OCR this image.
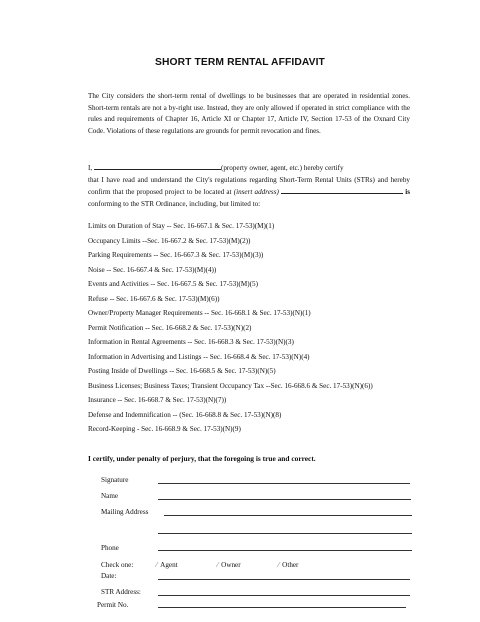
SHORT TERM RENTAL AFFIDAVIT
The City considers the short-term rental of dwellings to be businesses that are operated in residential zones. Short-term rentals are not a by-right use. Instead, they are only allowed if operated in strict compliance with the rules and requirements of Chapter 16, Article XI or Chapter 17, Article IV, Section 17-53 of the Oxnard City Code. Violations of these regulations are grounds for permit revocation and fines.

I,	(property owner, agent, etc.) hereby certify

that I have read and understand the City's regulations regarding Short-Term Rental Units (STRs) and hereby confirm that the proposed project to be located at (insert address)	is conforming to the STR Ordinance, including, but limited to:

Limits on Duration of Stay -- Sec. 16-667.1 & Sec. 17-53)(M)(1)
Occupancy Limits --Sec. 16-667.2 & Sec. 17-53)(M)(2))
Parking Requirements -- Sec. 16-667.3 & Sec. 17-53)(M)(3))
Noise -- Sec. 16-667.4 & Sec. 17-53)(M)(4))
Events and Activities -- Sec. 16-667.5 & Sec. 17-53)(M)(5)
Refuse -- Sec. 16-667.6 & Sec. 17-53)(M)(6))
Owner/Property Manager Requirements -- Sec. 16-668.1 & Sec. 17-53)(N)(1)
Permit Notification -- Sec. 16-668.2 & Sec. 17-53)(N)(2)
Information in Rental Agreements -- Sec. 16-668.3 & Sec. 17-53)(N)(3)
Information in Advertising and Listings -- Sec. 16-668.4 & Sec. 17-53)(N)(4)
Posting Inside of Dwellings -- Sec. 16-668.5 & Sec. 17-53)(N)(5)
Business Licenses; Business Taxes; Transient Occupancy Tax --Sec. 16-668.6 & Sec. 17-53)(N)(6))
Insurance -- Sec. 16-668.7 & Sec. 17-53)(N)(7))
Defense and Indemnification -- (Sec. 16-668.8 & Sec. 17-53)(N)(8)
Record-Keeping - Sec. 16-668.9 & Sec. 17-53)(N)(9)
I certify, under penalty of perjury, that the foregoing is true and correct.
Signature
Name
Mailing Address
Phone
Check one:	⁄ Agent	⁄ Owner	⁄ Other
Date:
STR Address:
Permit No.
